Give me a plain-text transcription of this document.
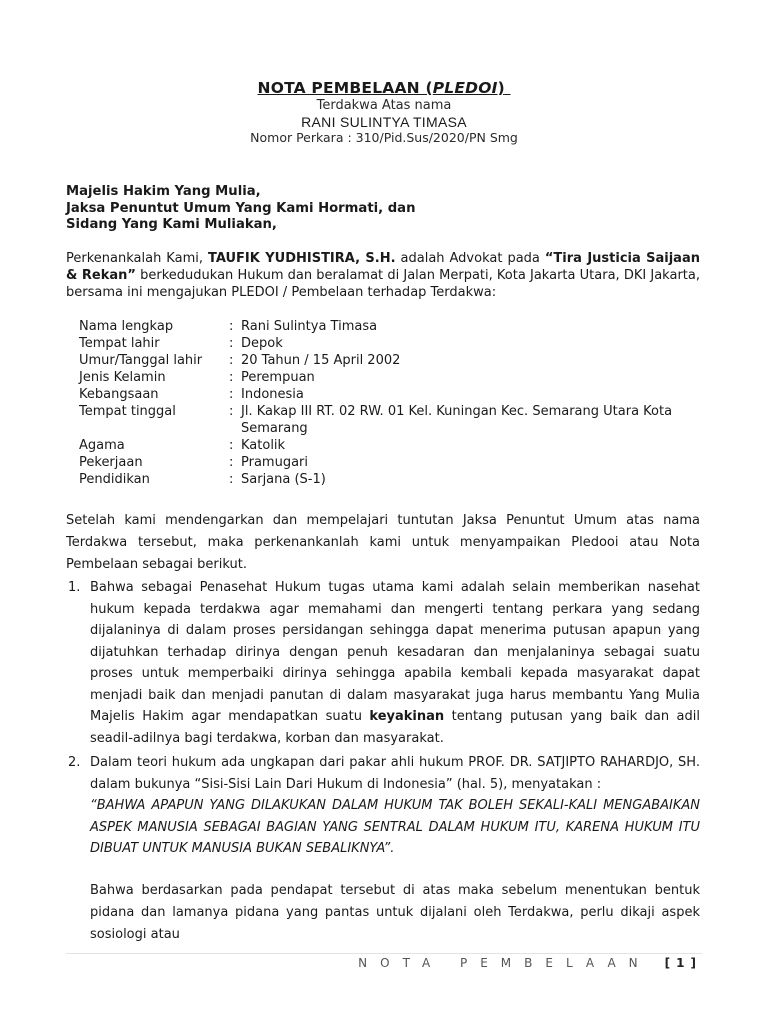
NOTA PEMBELAAN (PLEDOI)
Terdakwa Atas nama
RANI SULINTYA TIMASA
Nomor Perkara : 310/Pid.Sus/2020/PN Smg
Majelis Hakim Yang Mulia,
Jaksa Penuntut Umum Yang Kami Hormati, dan
Sidang Yang Kami Muliakan,
Perkenankalah Kami, TAUFIK YUDHISTIRA, S.H. adalah Advokat pada “Tira Justicia Saijaan & Rekan” berkedudukan Hukum dan beralamat di Jalan Merpati, Kota Jakarta Utara, DKI Jakarta, bersama ini mengajukan PLEDOI / Pembelaan terhadap Terdakwa:
Nama lengkap	: Rani Sulintya Timasa
Tempat lahir	: Depok
Umur/Tanggal lahir	: 20 Tahun / 15 April 2002
Jenis Kelamin	: Perempuan
Kebangsaan	: Indonesia
Tempat tinggal	: Jl. Kakap III RT. 02 RW. 01 Kel. Kuningan Kec. Semarang Utara Kota Semarang
Agama	: Katolik
Pekerjaan	: Pramugari
Pendidikan	: Sarjana (S-1)
Setelah kami mendengarkan dan mempelajari tuntutan Jaksa Penuntut Umum atas nama Terdakwa tersebut, maka perkenankanlah kami untuk menyampaikan Pledooi atau Nota Pembelaan sebagai berikut.
1. Bahwa sebagai Penasehat Hukum tugas utama kami adalah selain memberikan nasehat hukum kepada terdakwa agar memahami dan mengerti tentang perkara yang sedang dijalaninya di dalam proses persidangan sehingga dapat menerima putusan apapun yang dijatuhkan terhadap dirinya dengan penuh kesadaran dan menjalaninya sebagai suatu proses untuk memperbaiki dirinya sehingga apabila kembali kepada masyarakat dapat menjadi baik dan menjadi panutan di dalam masyarakat juga harus membantu Yang Mulia Majelis Hakim agar mendapatkan suatu keyakinan tentang putusan yang baik dan adil seadil-adilnya bagi terdakwa, korban dan masyarakat.
2. Dalam teori hukum ada ungkapan dari pakar ahli hukum PROF. DR. SATJIPTO RAHARDJO, SH. dalam bukunya “Sisi-Sisi Lain Dari Hukum di Indonesia” (hal. 5), menyatakan :
“BAHWA APAPUN YANG DILAKUKAN DALAM HUKUM TAK BOLEH SEKALI-KALI MENGABAIKAN ASPEK MANUSIA SEBAGAI BAGIAN YANG SENTRAL DALAM HUKUM ITU, KARENA HUKUM ITU DIBUAT UNTUK MANUSIA BUKAN SEBALIKNYA”.
Bahwa berdasarkan pada pendapat tersebut di atas maka sebelum menentukan bentuk pidana dan lamanya pidana yang pantas untuk dijalani oleh Terdakwa, perlu dikaji aspek sosiologi atau
NOTA PEMBELAAN [1]
